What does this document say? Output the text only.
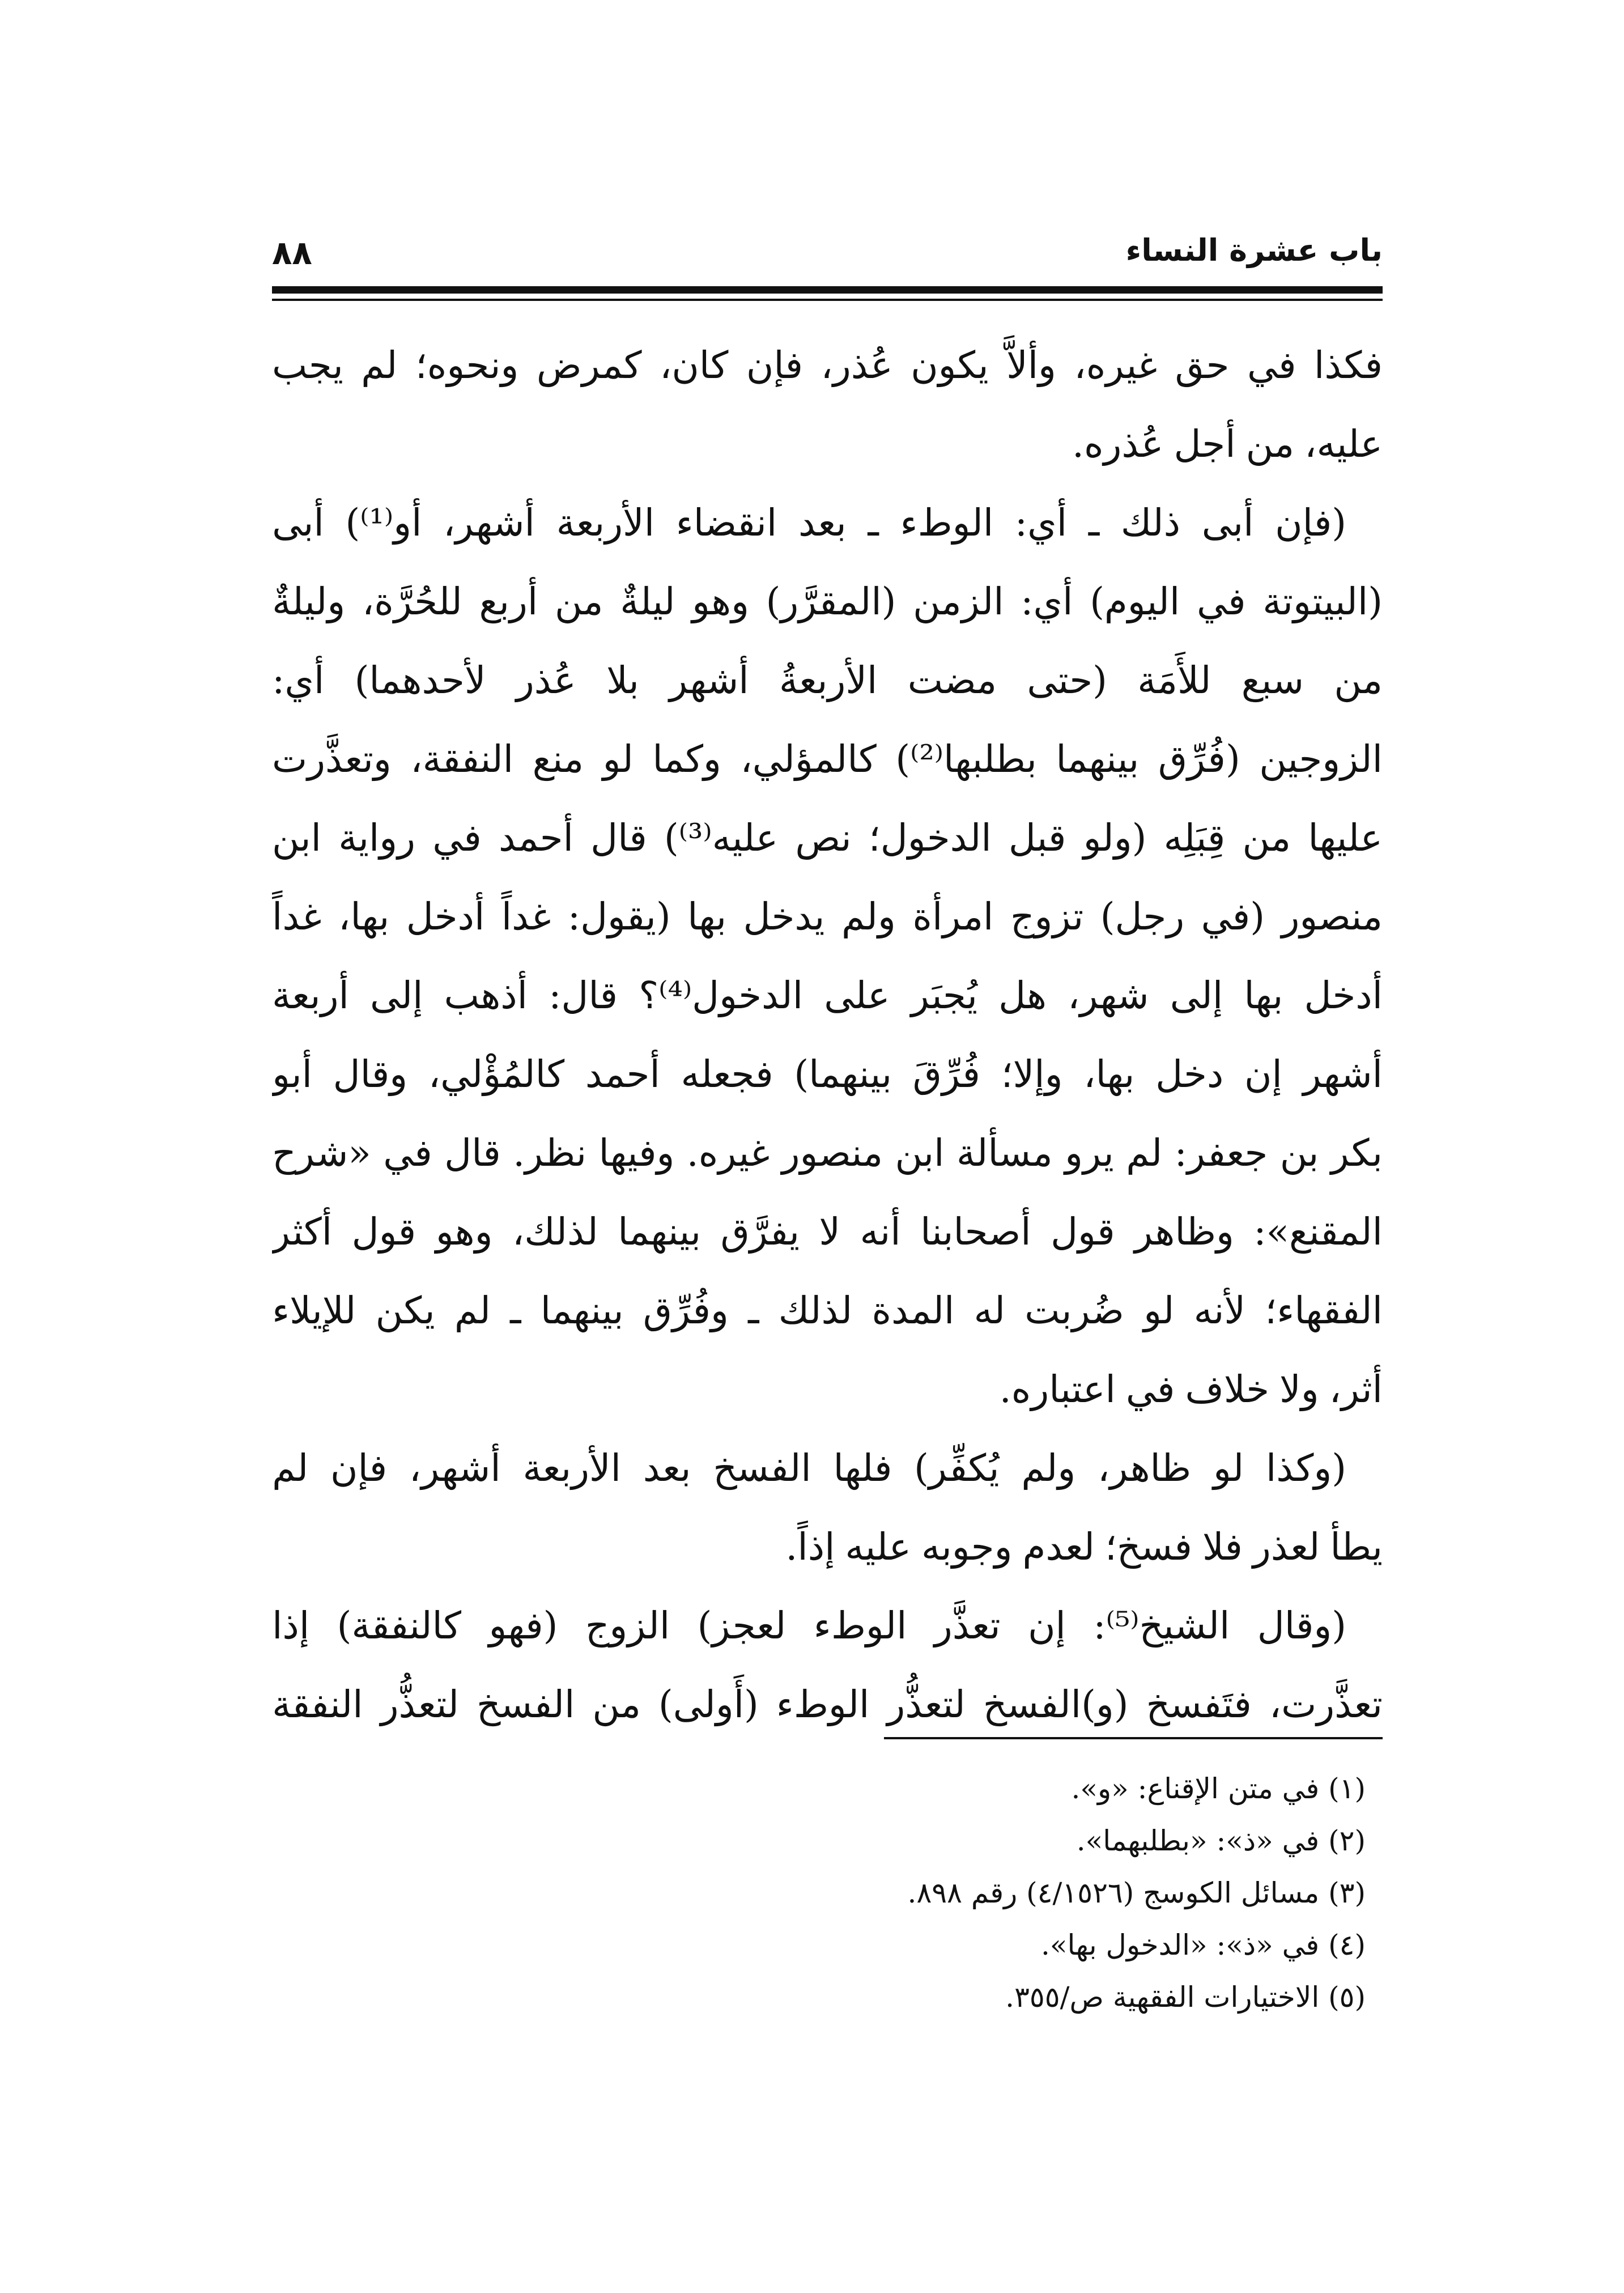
باب عشرة النساء
٨٨
فكذا
في
حق
غيره،
وألاَّ
يكون
عُذر،
فإن
كان،
كمرض
ونحوه؛
لم
يجب
عليه،
من
أجل
عُذره.
(فإن
أبى
ذلك
ـ
أي:
الوطء
ـ
بعد
انقضاء
الأربعة
أشهر،
أو⁽¹⁾)
أبى
(البيتوتة
في
اليوم)
أي:
الزمن
(المقرَّر)
وهو
ليلةٌ
من
أربع
للحُرَّة،
وليلةٌ
من
سبع
للأَمَة
(حتى
مضت
الأربعةُ
أشهر
بلا
عُذر
لأحدهما)
أي:
الزوجين
(فُرِّق
بينهما
بطلبها⁽²⁾)
كالمؤلي،
وكما
لو
منع
النفقة،
وتعذَّرت
عليها
من
قِبَلِه
(ولو
قبل
الدخول؛
نص
عليه⁽³⁾)
قال
أحمد
في
رواية
ابن
منصور
(في
رجل)
تزوج
امرأة
ولم
يدخل
بها
(يقول:
غداً
أدخل
بها،
غداً
أدخل
بها
إلى
شهر،
هل
يُجبَر
على
الدخول⁽⁴⁾؟
قال:
أذهب
إلى
أربعة
أشهر
إن
دخل
بها،
وإلا؛
فُرِّقَ
بينهما)
فجعله
أحمد
كالمُؤْلي،
وقال
أبو
بكر
بن
جعفر:
لم
يرو
مسألة
ابن
منصور
غيره.
وفيها
نظر.
قال
في
«شرح
المقنع»:
وظاهر
قول
أصحابنا
أنه
لا
يفرَّق
بينهما
لذلك،
وهو
قول
أكثر
الفقهاء؛
لأنه
لو
ضُربت
له
المدة
لذلك
ـ
وفُرِّق
بينهما
ـ
لم
يكن
للإيلاء
أثر،
ولا
خلاف
في
اعتباره.
(وكذا
لو
ظاهر،
ولم
يُكفِّر)
فلها
الفسخ
بعد
الأربعة
أشهر،
فإن
لم
يطأ
لعذر
فلا
فسخ؛
لعدم
وجوبه
عليه
إذاً.
(وقال
الشيخ⁽⁵⁾:
إن
تعذَّر
الوطء
لعجز)
الزوج
(فهو
كالنفقة)
إذا
تعذَّرت،
فتَفسخ
(و)الفسخ
لتعذُّر
الوطء
(أَولى)
من
الفسخ
لتعذُّر
النفقة
(١) في متن الإقناع: «و».
(٢) في «ذ»: «بطلبهما».
(٣) مسائل الكوسج (٤/١٥٢٦) رقم ٨٩٨.
(٤) في «ذ»: «الدخول بها».
(٥) الاختيارات الفقهية ص/٣٥٥.
